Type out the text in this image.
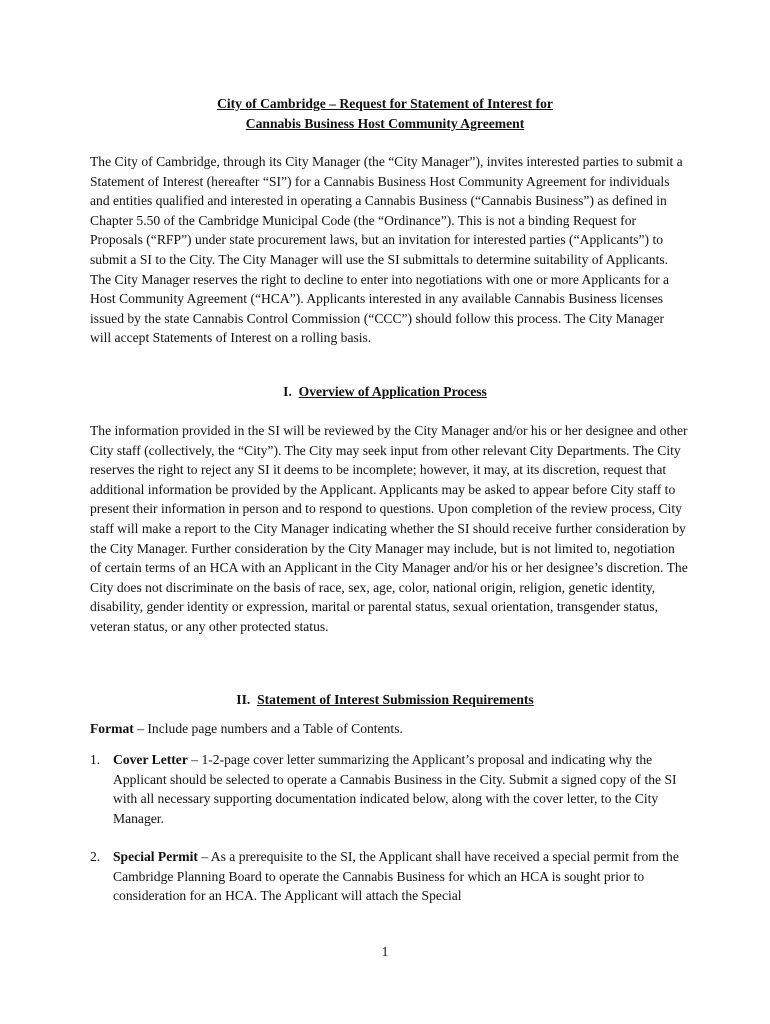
City of Cambridge – Request for Statement of Interest for
Cannabis Business Host Community Agreement
The City of Cambridge, through its City Manager (the “City Manager”), invites interested parties to submit a Statement of Interest (hereafter “SI”) for a Cannabis Business Host Community Agreement for individuals and entities qualified and interested in operating a Cannabis Business (“Cannabis Business”) as defined in Chapter 5.50 of the Cambridge Municipal Code (the “Ordinance”). This is not a binding Request for Proposals (“RFP”) under state procurement laws, but an invitation for interested parties (“Applicants”) to submit a SI to the City. The City Manager will use the SI submittals to determine suitability of Applicants. The City Manager reserves the right to decline to enter into negotiations with one or more Applicants for a Host Community Agreement (“HCA”). Applicants interested in any available Cannabis Business licenses issued by the state Cannabis Control Commission (“CCC”) should follow this process. The City Manager will accept Statements of Interest on a rolling basis.
I. Overview of Application Process
The information provided in the SI will be reviewed by the City Manager and/or his or her designee and other City staff (collectively, the “City”). The City may seek input from other relevant City Departments. The City reserves the right to reject any SI it deems to be incomplete; however, it may, at its discretion, request that additional information be provided by the Applicant. Applicants may be asked to appear before City staff to present their information in person and to respond to questions. Upon completion of the review process, City staff will make a report to the City Manager indicating whether the SI should receive further consideration by the City Manager. Further consideration by the City Manager may include, but is not limited to, negotiation of certain terms of an HCA with an Applicant in the City Manager and/or his or her designee’s discretion. The City does not discriminate on the basis of race, sex, age, color, national origin, religion, genetic identity, disability, gender identity or expression, marital or parental status, sexual orientation, transgender status, veteran status, or any other protected status.
II. Statement of Interest Submission Requirements
Format – Include page numbers and a Table of Contents.
1. Cover Letter – 1-2-page cover letter summarizing the Applicant’s proposal and indicating why the Applicant should be selected to operate a Cannabis Business in the City. Submit a signed copy of the SI with all necessary supporting documentation indicated below, along with the cover letter, to the City Manager.
2. Special Permit – As a prerequisite to the SI, the Applicant shall have received a special permit from the Cambridge Planning Board to operate the Cannabis Business for which an HCA is sought prior to consideration for an HCA. The Applicant will attach the Special
1
